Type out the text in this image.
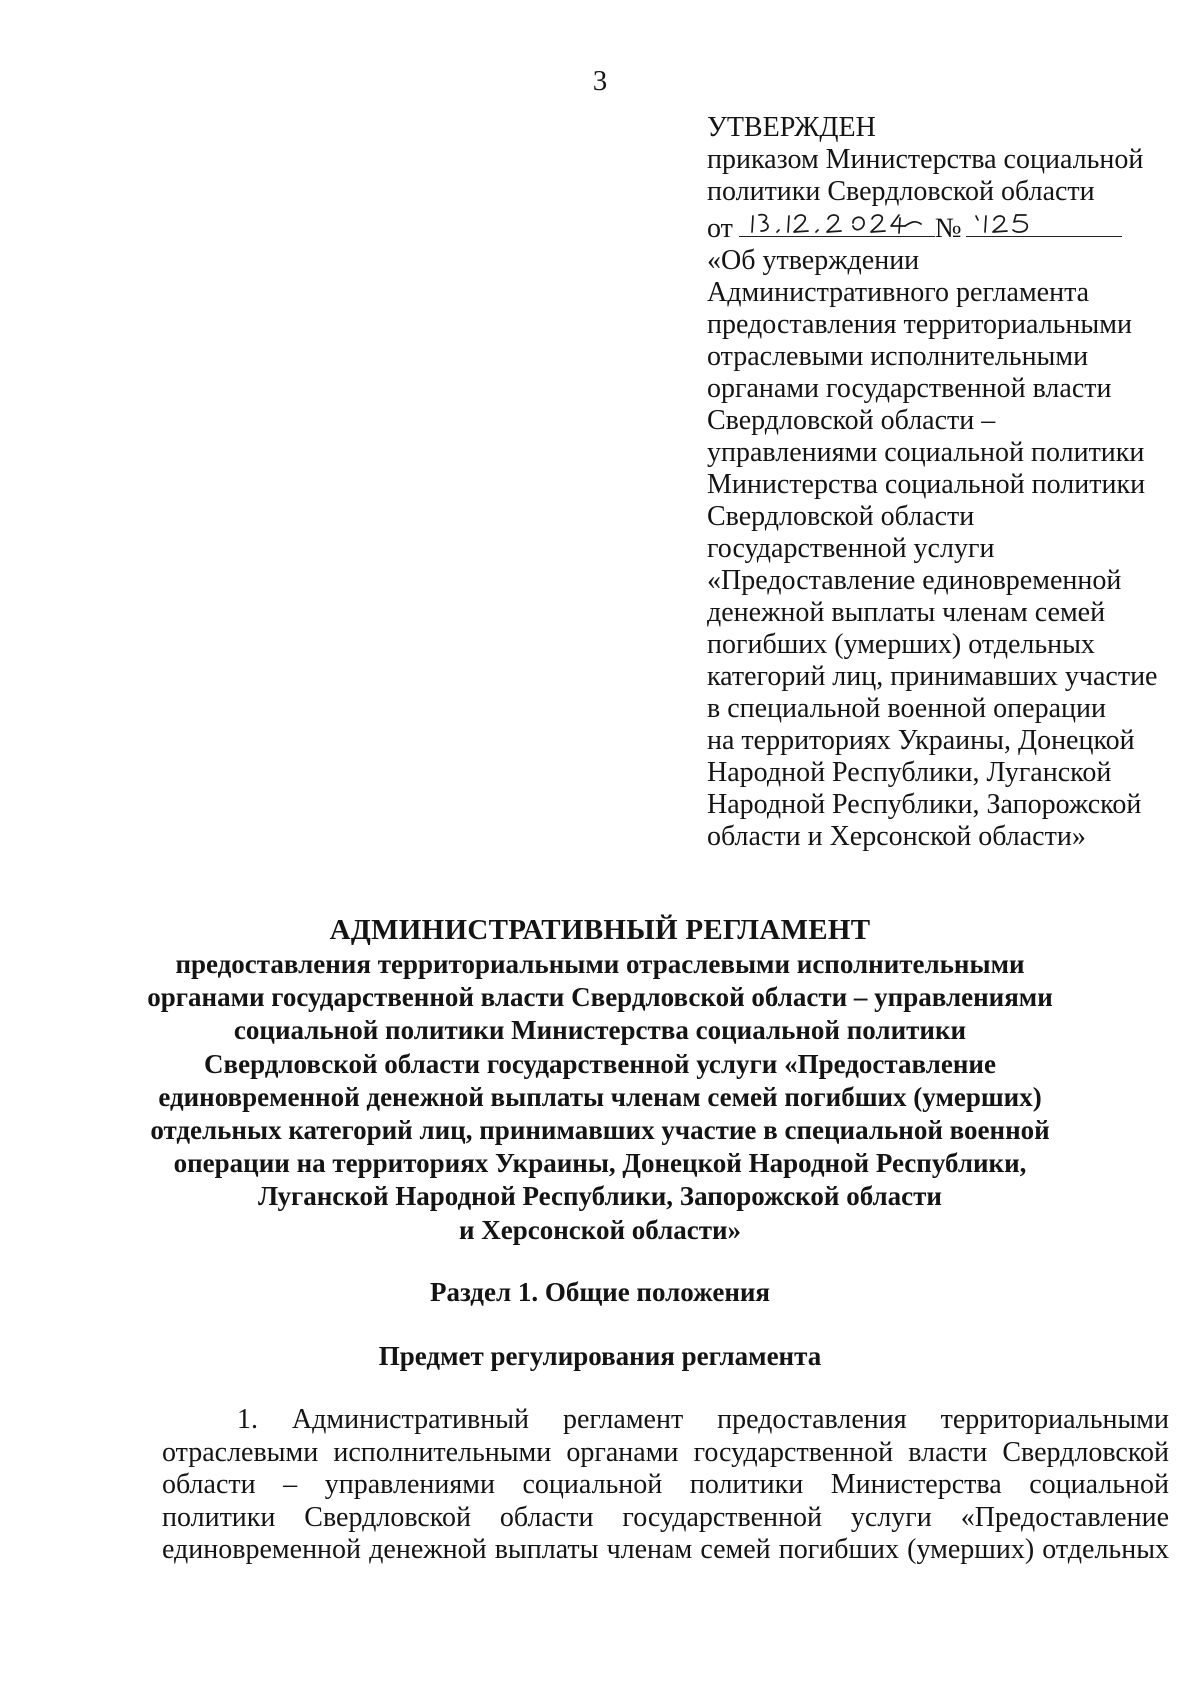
3
УТВЕРЖДЕН
приказом Министерства социальной
политики Свердловской области
от	№
«Об утверждении
Административного регламента
предоставления территориальными
отраслевыми исполнительными
органами государственной власти
Свердловской области –
управлениями социальной политики
Министерства социальной политики
Свердловской области
государственной услуги
«Предоставление единовременной
денежной выплаты членам семей
погибших (умерших) отдельных
категорий лиц, принимавших участие
в специальной военной операции
на территориях Украины, Донецкой
Народной Республики, Луганской
Народной Республики, Запорожской
области и Херсонской области»

АДМИНИСТРАТИВНЫЙ РЕГЛАМЕНТ

предоставления территориальными отраслевыми исполнительными
органами государственной власти Свердловской области – управлениями
социальной политики Министерства социальной политики
Свердловской области государственной услуги «Предоставление
единовременной денежной выплаты членам семей погибших (умерших)
отдельных категорий лиц, принимавших участие в специальной военной
операции на территориях Украины, Донецкой Народной Республики,
Луганской Народной Республики, Запорожской области
и Херсонской области»

Раздел 1. Общие положения
Предмет регулирования регламента
1. Административный регламент предоставления территориальными
отраслевыми исполнительными органами государственной власти Свердловской
области – управлениями социальной политики Министерства социальной
политики Свердловской области государственной услуги «Предоставление
единовременной денежной выплаты членам семей погибших (умерших) отдельных
